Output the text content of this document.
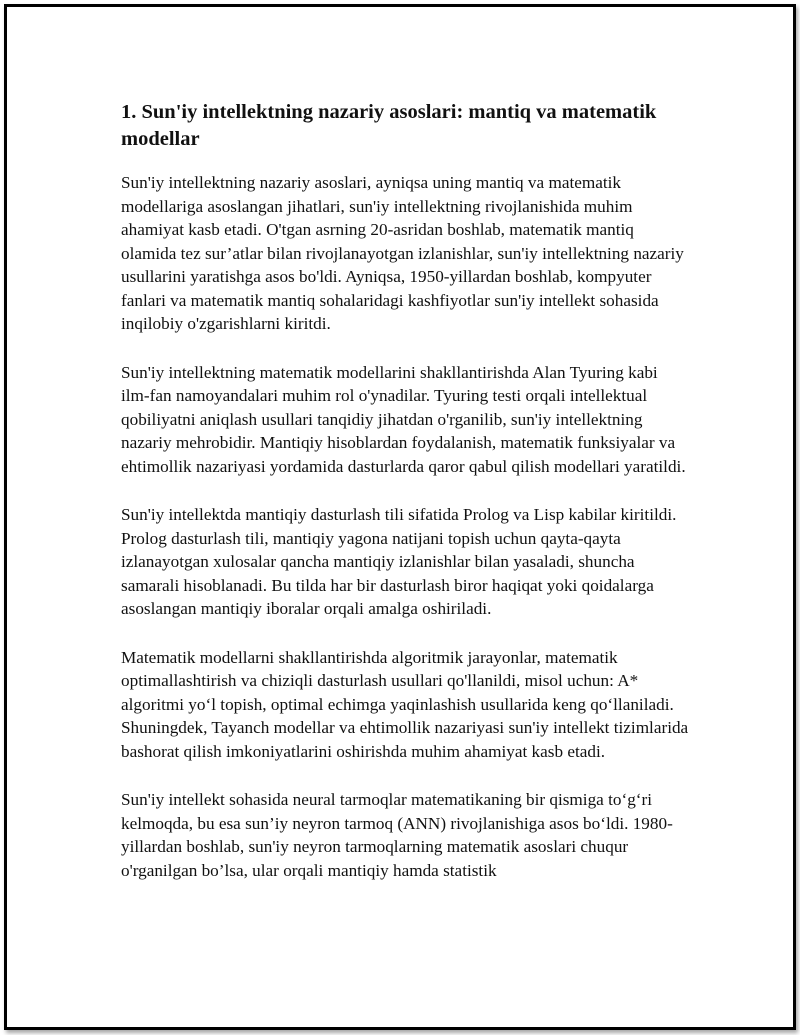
1. Sun'iy intellektning nazariy asoslari: mantiq va matematik modellar

Sun'iy intellektning nazariy asoslari, ayniqsa uning mantiq va matematik modellariga asoslangan jihatlari, sun'iy intellektning rivojlanishida muhim ahamiyat kasb etadi. O'tgan asrning 20-asridan boshlab, matematik mantiq olamida tez sur’atlar bilan rivojlanayotgan izlanishlar, sun'iy intellektning nazariy usullarini yaratishga asos bo'ldi. Ayniqsa, 1950-yillardan boshlab, kompyuter fanlari va matematik mantiq sohalaridagi kashfiyotlar sun'iy intellekt sohasida inqilobiy o'zgarishlarni kiritdi.

Sun'iy intellektning matematik modellarini shakllantirishda Alan Tyuring kabi ilm-fan namoyandalari muhim rol o'ynadilar. Tyuring testi orqali intellektual qobiliyatni aniqlash usullari tanqidiy jihatdan o'rganilib, sun'iy intellektning nazariy mehrobidir. Mantiqiy hisoblardan foydalanish, matematik funksiyalar va ehtimollik nazariyasi yordamida dasturlarda qaror qabul qilish modellari yaratildi.

Sun'iy intellektda mantiqiy dasturlash tili sifatida Prolog va Lisp kabilar kiritildi. Prolog dasturlash tili, mantiqiy yagona natijani topish uchun qayta-qayta izlanayotgan xulosalar qancha mantiqiy izlanishlar bilan yasaladi, shuncha samarali hisoblanadi. Bu tilda har bir dasturlash biror haqiqat yoki qoidalarga asoslangan mantiqiy iboralar orqali amalga oshiriladi.

Matematik modellarni shakllantirishda algoritmik jarayonlar, matematik optimallashtirish va chiziqli dasturlash usullari qo'llanildi, misol uchun: A* algoritmi yo‘l topish, optimal echimga yaqinlashish usullarida keng qo‘llaniladi. Shuningdek, Tayanch modellar va ehtimollik nazariyasi sun'iy intellekt tizimlarida bashorat qilish imkoniyatlarini oshirishda muhim ahamiyat kasb etadi.

Sun'iy intellekt sohasida neural tarmoqlar matematikaning bir qismiga to‘g‘ri kelmoqda, bu esa sun’iy neyron tarmoq (ANN) rivojlanishiga asos bo‘ldi. 1980-yillardan boshlab, sun'iy neyron tarmoqlarning matematik asoslari chuqur o'rganilgan bo’lsa, ular orqali mantiqiy hamda statistik
